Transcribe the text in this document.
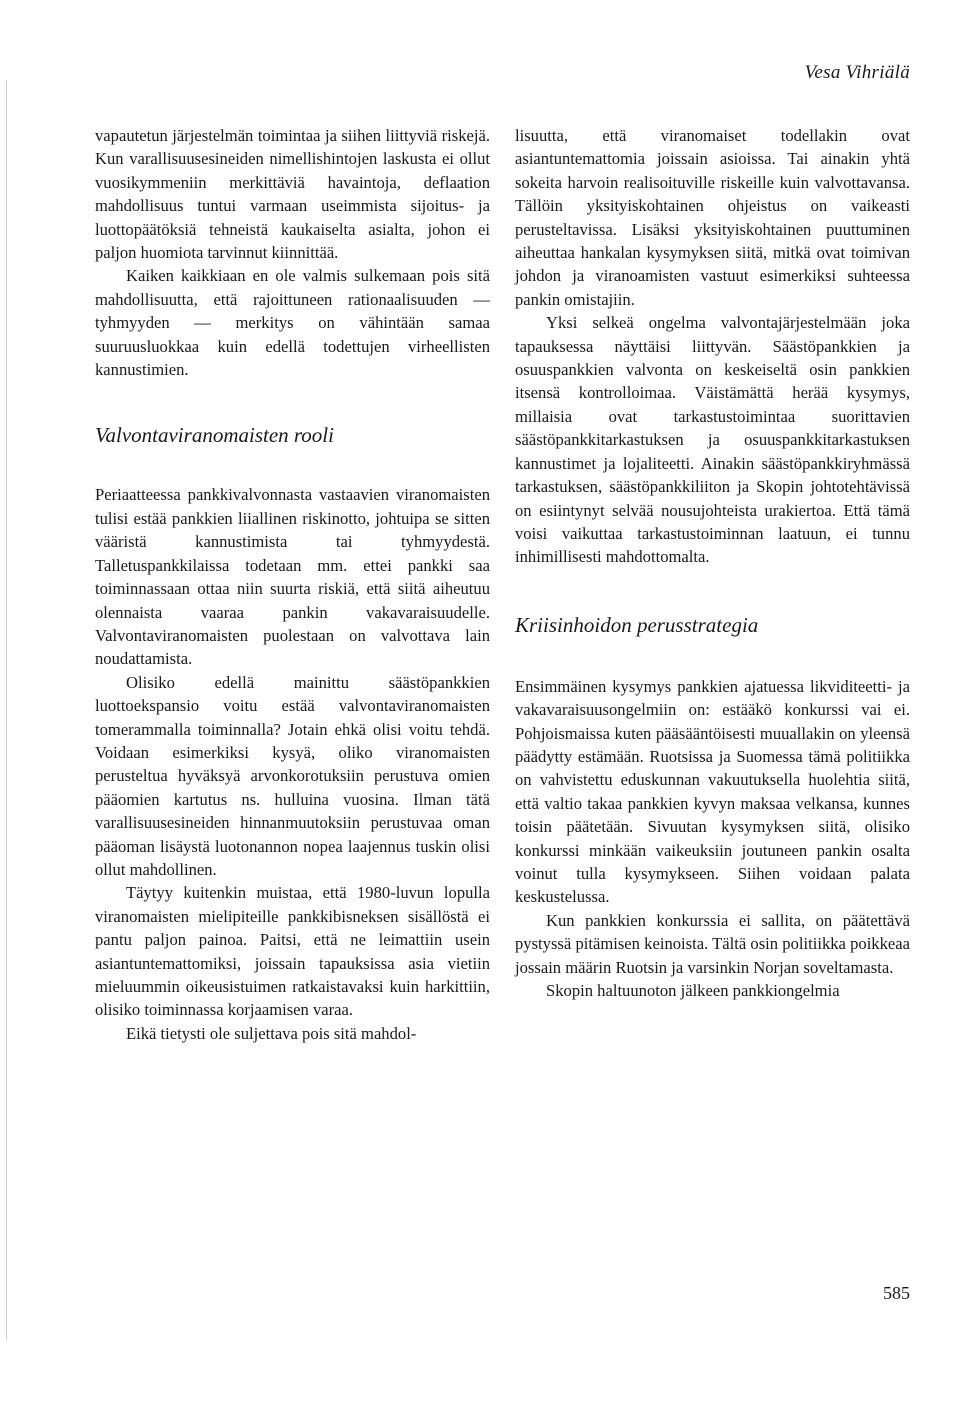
Vesa Vihriälä

vapautetun järjestelmän toimintaa ja siihen liittyviä riskejä. Kun varallisuusesineiden nimellishintojen laskusta ei ollut vuosikymmeniin merkittäviä havaintoja, deflaation mahdollisuus tuntui varmaan useimmista sijoitus- ja luottopäätöksiä tehneistä kaukaiselta asialta, johon ei paljon huomiota tarvinnut kiinnittää.

Kaiken kaikkiaan en ole valmis sulkemaan pois sitä mahdollisuutta, että rajoittuneen rationaalisuuden — tyhmyyden — merkitys on vähintään samaa suuruusluokkaa kuin edellä todettujen virheellisten kannustimien.

Valvontaviranomaisten rooli

Periaatteessa pankkivalvonnasta vastaavien viranomaisten tulisi estää pankkien liiallinen riskinotto, johtuipa se sitten vääristä kannustimista tai tyhmyydestä. Talletuspankkilaissa todetaan mm. ettei pankki saa toiminnassaan ottaa niin suurta riskiä, että siitä aiheutuu olennaista vaaraa pankin vakavaraisuudelle. Valvontaviranomaisten puolestaan on valvottava lain noudattamista.

Olisiko edellä mainittu säästöpankkien luottoekspansio voitu estää valvontaviranomaisten tomerammalla toiminnalla? Jotain ehkä olisi voitu tehdä. Voidaan esimerkiksi kysyä, oliko viranomaisten perusteltua hyväksyä arvonkorotuksiin perustuva omien pääomien kartutus ns. hulluina vuosina. Ilman tätä varallisuusesineiden hinnanmuutoksiin perustuvaa oman pääoman lisäystä luotonannon nopea laajennus tuskin olisi ollut mahdollinen.

Täytyy kuitenkin muistaa, että 1980-luvun lopulla viranomaisten mielipiteille pankkibisneksen sisällöstä ei pantu paljon painoa. Paitsi, että ne leimattiin usein asiantuntemattomiksi, joissain tapauksissa asia vietiin mieluummin oikeusistuimen ratkaistavaksi kuin harkittiin, olisiko toiminnassa korjaamisen varaa.

Eikä tietysti ole suljettava pois sitä mahdol-

lisuutta, että viranomaiset todellakin ovat asiantuntemattomia joissain asioissa. Tai ainakin yhtä sokeita harvoin realisoituville riskeille kuin valvottavansa. Tällöin yksityiskohtainen ohjeistus on vaikeasti perusteltavissa. Lisäksi yksityiskohtainen puuttuminen aiheuttaa hankalan kysymyksen siitä, mitkä ovat toimivan johdon ja viranoamisten vastuut esimerkiksi suhteessa pankin omistajiin.

Yksi selkeä ongelma valvontajärjestelmään joka tapauksessa näyttäisi liittyvän. Säästöpankkien ja osuuspankkien valvonta on keskeiseltä osin pankkien itsensä kontrolloimaa. Väistämättä herää kysymys, millaisia ovat tarkastustoimintaa suorittavien säästöpankkitarkastuksen ja osuuspankkitarkastuksen kannustimet ja lojaliteetti. Ainakin säästöpankkiryhmässä tarkastuksen, säästöpankkiliiton ja Skopin johtotehtävissä on esiintynyt selvää nousujohteista urakiertoa. Että tämä voisi vaikuttaa tarkastustoiminnan laatuun, ei tunnu inhimillisesti mahdottomalta.

Kriisinhoidon perusstrategia

Ensimmäinen kysymys pankkien ajatuessa likviditeetti- ja vakavaraisuusongelmiin on: estääkö konkurssi vai ei. Pohjoismaissa kuten pääsääntöisesti muuallakin on yleensä päädytty estämään. Ruotsissa ja Suomessa tämä politiikka on vahvistettu eduskunnan vakuutuksella huolehtia siitä, että valtio takaa pankkien kyvyn maksaa velkansa, kunnes toisin päätetään. Sivuutan kysymyksen siitä, olisiko konkurssi minkään vaikeuksiin joutuneen pankin osalta voinut tulla kysymykseen. Siihen voidaan palata keskustelussa.

Kun pankkien konkurssia ei sallita, on päätettävä pystyssä pitämisen keinoista. Tältä osin politiikka poikkeaa jossain määrin Ruotsin ja varsinkin Norjan soveltamasta.

Skopin haltuunoton jälkeen pankkiongelmia

585
